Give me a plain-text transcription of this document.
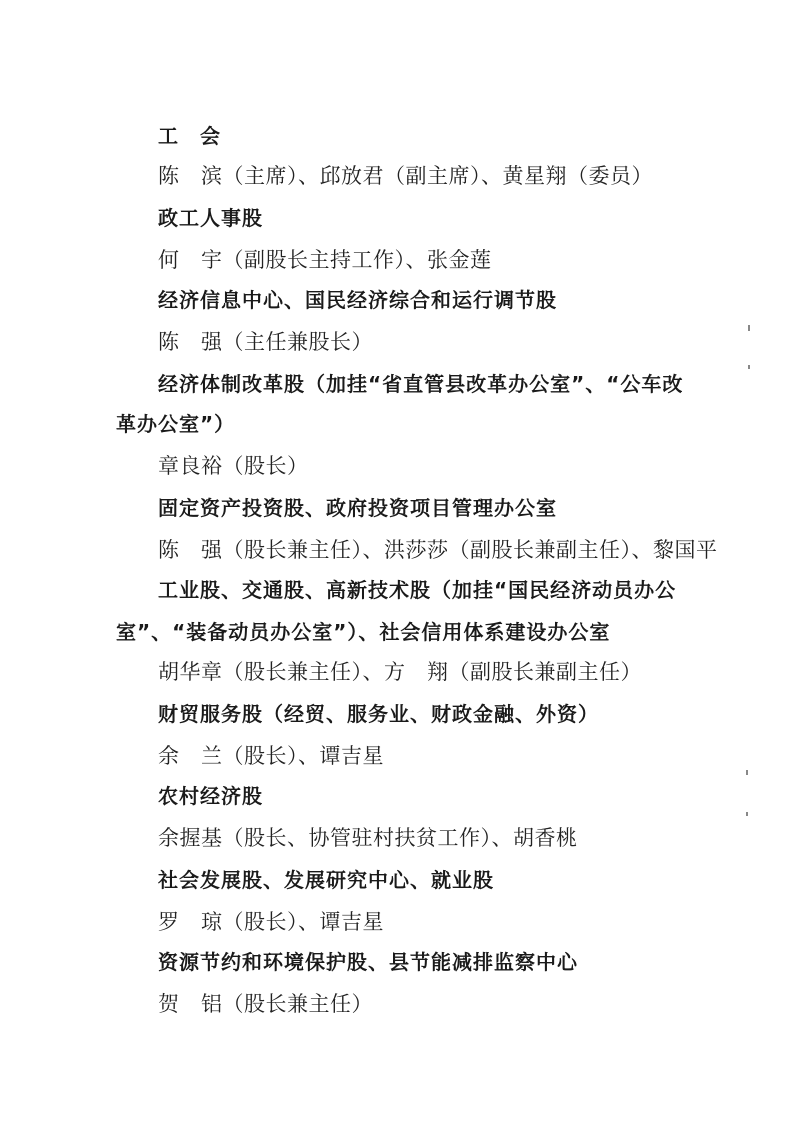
工　会
陈　滨（主席）、邱放君（副主席）、黄星翔（委员）
政工人事股
何　宇（副股长主持工作）、张金莲
经济信息中心、国民经济综合和运行调节股
陈　强（主任兼股长）
经济体制改革股（加挂“省直管县改革办公室”、“公车改
革办公室”）
章良裕（股长）
固定资产投资股、政府投资项目管理办公室
陈　强（股长兼主任）、洪莎莎（副股长兼副主任）、黎国平
工业股、交通股、高新技术股（加挂“国民经济动员办公
室”、“装备动员办公室”）、社会信用体系建设办公室
胡华章（股长兼主任）、方　翔（副股长兼副主任）
财贸服务股（经贸、服务业、财政金融、外资）
余　兰（股长）、谭吉星
农村经济股
余握基（股长、协管驻村扶贫工作）、胡香桃
社会发展股、发展研究中心、就业股
罗　琼（股长）、谭吉星
资源节约和环境保护股、县节能减排监察中心
贺　铝（股长兼主任）
